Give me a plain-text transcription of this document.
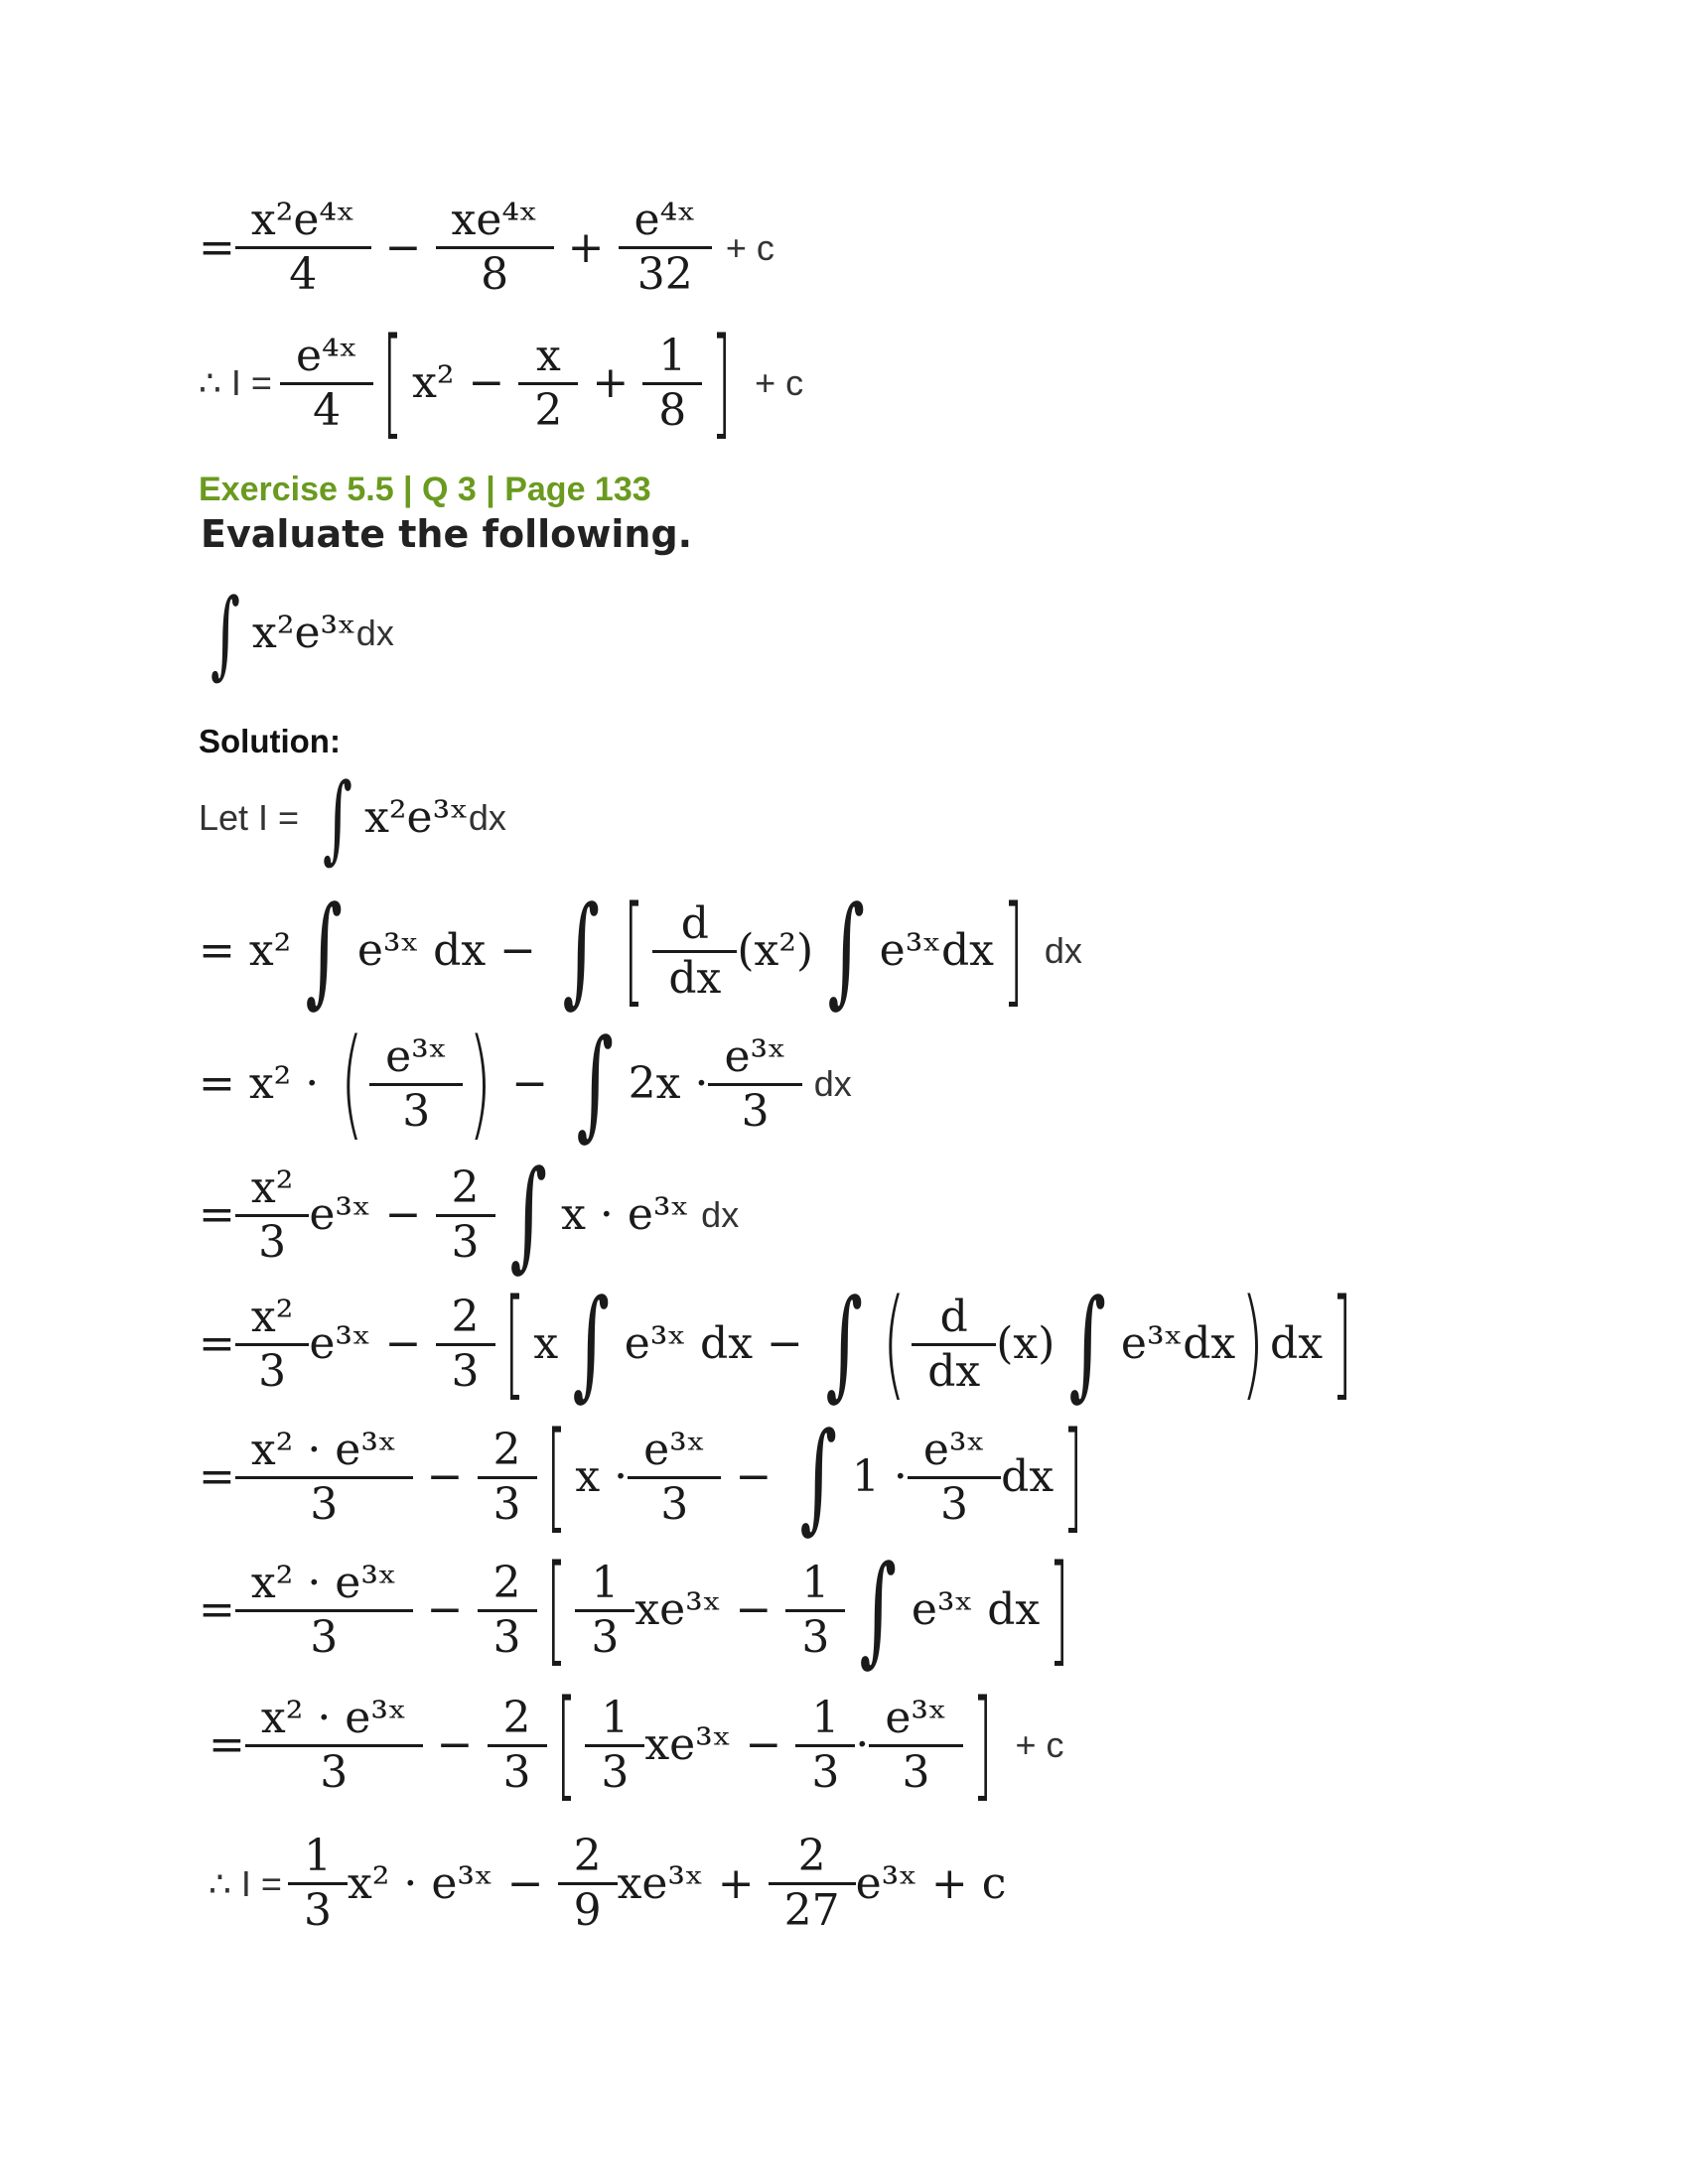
= $\frac{\text{x²e⁴ˣ}}{4} - \frac{\text{xe⁴ˣ}}{8} + \frac{\text{e⁴ˣ}}{32} + c$
∴ $I = \frac{\text{e⁴ˣ}}{4}$ [ $x^2 - \frac{x}{2} + \frac{1}{8}$ ] + c
Exercise 5.5 | Q 3 | Page 133
Evaluate the following.
∫ x²e³ˣ dx
Solution:
Let I = ∫ x²e³ˣ dx
= x² ∫ e³ˣ dx − ∫ [ $\frac{d}{dx} (x^2)$ ∫ e³ˣdx ] dx
= x² · ( $\frac{\text{e³ˣ}}{3}$ ) − ∫ $2x \cdot \frac{\text{e³ˣ}}{3}$ dx
= $\frac{\text{x²}}{3}$ e³ˣ − $\frac{2}{3}$ ∫ x · e³ˣ dx
= $\frac{\text{x²}}{3}$ e³ˣ − $\frac{2}{3}$ [ x ∫ e³ˣ dx − ∫ ( $\frac{d}{dx} (x)$ ∫ e³ˣdx ) dx ]
= $\frac{\text{x² · e³ˣ}}{3} - \frac{2}{3}$ [ $x \cdot \frac{\text{e³ˣ}}{3}$ − ∫ $1 \cdot \frac{\text{e³ˣ}}{3}$ dx ]
= $\frac{\text{x² · e³ˣ}}{3} - \frac{2}{3}$ [ $\frac{1}{3}$ xe³ˣ − $\frac{1}{3}$ ∫ e³ˣ dx ]
= $\frac{\text{x² · e³ˣ}}{3} - \frac{2}{3}$ [ $\frac{1}{3}$ xe³ˣ − $\frac{1}{3} \cdot \frac{\text{e³ˣ}}{3}$ ] + c
∴ $I = \frac{1}{3} x^2$ · e³ˣ − $\frac{2}{9}$ xe³ˣ + $\frac{2}{27}$ e³ˣ + c
